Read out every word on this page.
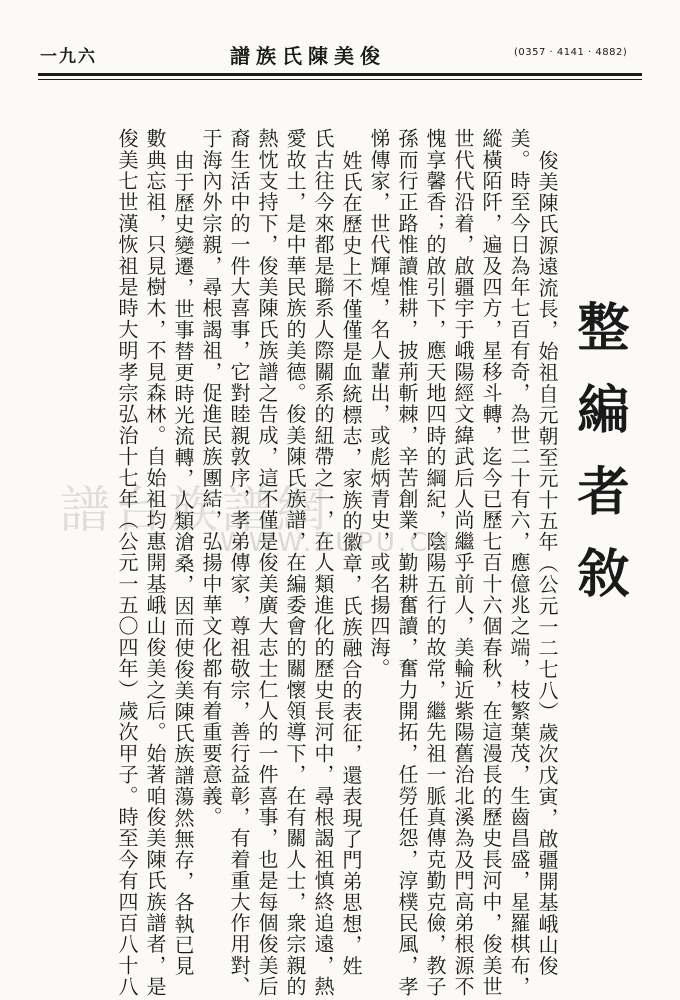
一九六	譜族氏陳美俊	(0357 · 4141 · 4882)
整編者敘
俊美陳氏源遠流長，始祖自元朝至元十五年（公元一二七八）歲次戊寅，啟疆開基峨山俊
美。時至今日為年七百有奇，為世二十有六，應億兆之端，枝繁葉茂，生齒昌盛，星羅棋布，
縱橫陌阡，遍及四方，星移斗轉，迄今已歷七百十六個春秋，在這漫長的歷史長河中，俊美世
世代代沿着，啟疆宇于峨陽經文緯武后人尚繼乎前人，美輪近紫陽舊治北溪為及門高弟根源不
愧享馨香；的啟引下，應天地四時的綱紀，陰陽五行的故常，繼先祖一脈真傳克勤克儉，教子
孫而行正路惟讀惟耕，披荊斬棘，辛苦創業，勤耕奮讀，奮力開拓，任勞任怨，淳樸民風，孝
悌傳家，世代輝煌，名人輩出，或彪炳青史，或名揚四海。
姓氏在歷史上不僅僅是血統標志，家族的徽章，氏族融合的表征，還表現了門弟思想，姓
氏古往今來都是聯系人際關系的紐帶之一，在人類進化的歷史長河中，尋根謁祖慎終追遠，熱
愛故土，是中華民族的美德。俊美陳氏族譜，在編委會的關懷領導下，在有關人士，衆宗親的
熱忱支持下，俊美陳氏族譜之告成，這不僅是俊美廣大志士仁人的一件喜事，也是每個俊美后
裔生活中的一件大喜事，它對睦親敦序，孝弟傳家，尊祖敬宗，善行益彰，有着重大作用對、
于海內外宗親，尋根謁祖，促進民族團結，弘揚中華文化都有着重要意義。
由于歷史變遷，世事替更時光流轉，人類滄桑，因而使俊美陳氏族譜蕩然無存，各執已見
數典忘祖，只見樹木，不見森林。自始祖均惠開基峨山俊美之后。始著咱俊美陳氏族譜者，是
俊美七世漢恢祖是時大明孝宗弘治十七年（公元一五〇四年）歲次甲子。時至今有四百八十八
譜台族譜網
WWW.ZUPU.CN
